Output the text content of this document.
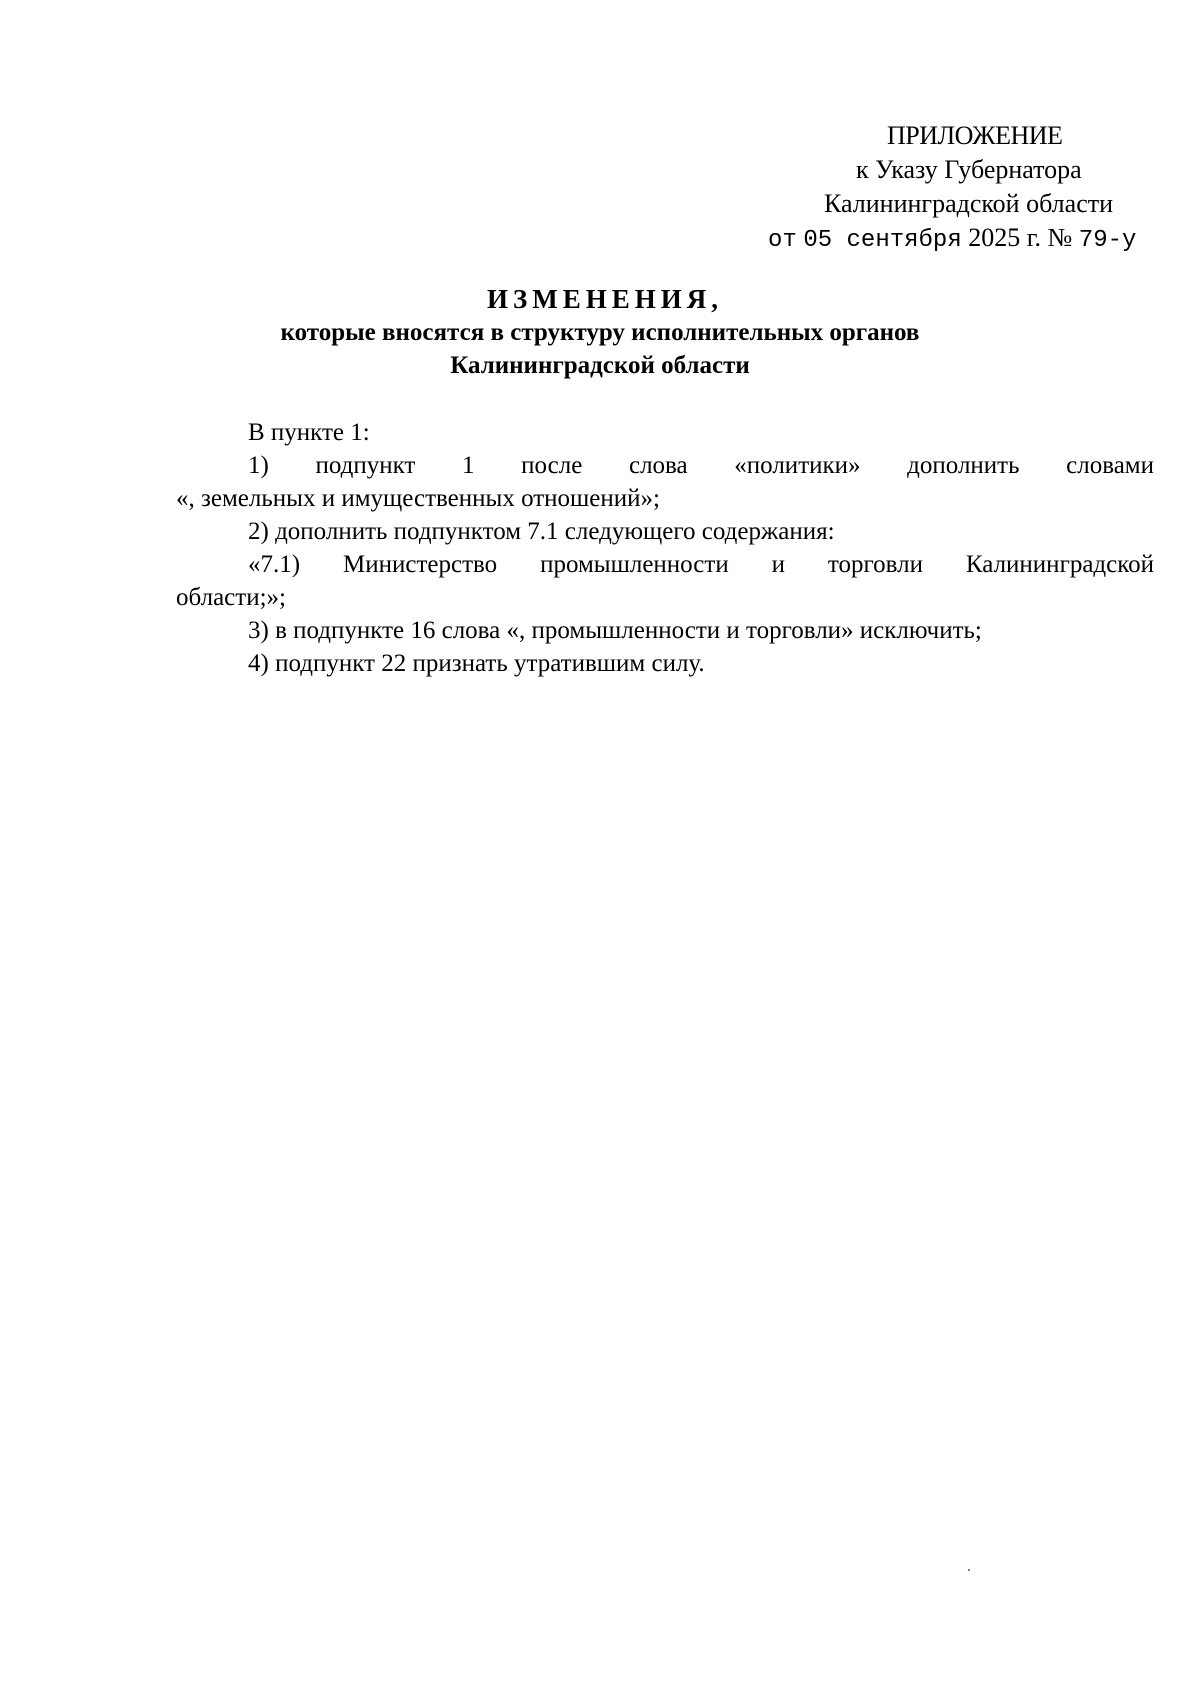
ПРИЛОЖЕНИЕ
к Указу Губернатора
Калининградской области
от 05 сентября 2025 г. № 79-у
ИЗМЕНЕНИЯ,
которые вносятся в структуру исполнительных органов
Калининградской области

В пункте 1:

1) подпункт 1 после слова «политики» дополнить словами

«, земельных и имущественных отношений»;

2) дополнить подпунктом 7.1 следующего содержания:

«7.1) Министерство промышленности и торговли Калининградской

области;»;

3) в подпункте 16 слова «, промышленности и торговли» исключить;

4) подпункт 22 признать утратившим силу.
